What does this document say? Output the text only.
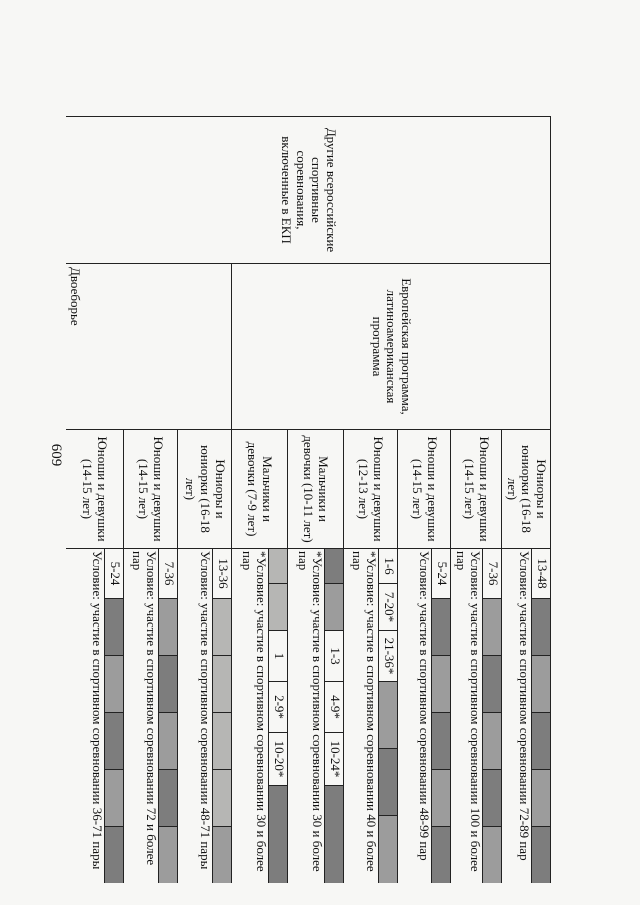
609
Другие всероссийские спортивные соревнования, включенные в ЕКП	Европейская программа, латиноамериканская программа	Юниоры и юниорки (16-18 лет)	
13-48					
Условие: участие в спортивном соревновании 72-89 пар

Юноши и девушки (14-15 лет)	
7-36					
Условие: участие в спортивном соревновании 100 и более пар

Юноши и девушки (14-15 лет)	
5-24					
Условие: участие в спортивном соревновании 48-99 пар

Юноши и девушки (12-13 лет)	
1-6	7-20*	21-36*			
*Условие: участие в спортивном соревновании 40 и более пар

Мальчики и девочки (10-11 лет)	
		1-3	4-9*	10-24*	
*Условие: участие в спортивном соревновании 30 и более пар

Мальчики и девочки (7-9 лет)	
		1	2-9*	10-20*	
*Условие: участие в спортивном соревновании 30 и более пар

Двоеборье	Юниоры и юниорки (16-18 лет)	
13-36					
Условие: участие в спортивном соревновании 48-71 пары

Юноши и девушки (14-15 лет)	
7-36					
Условие: участие в спортивном соревновании 72 и более пар

Юноши и девушки (14-15 лет)	
5-24					
Условие: участие в спортивном соревновании 36-71 пары
